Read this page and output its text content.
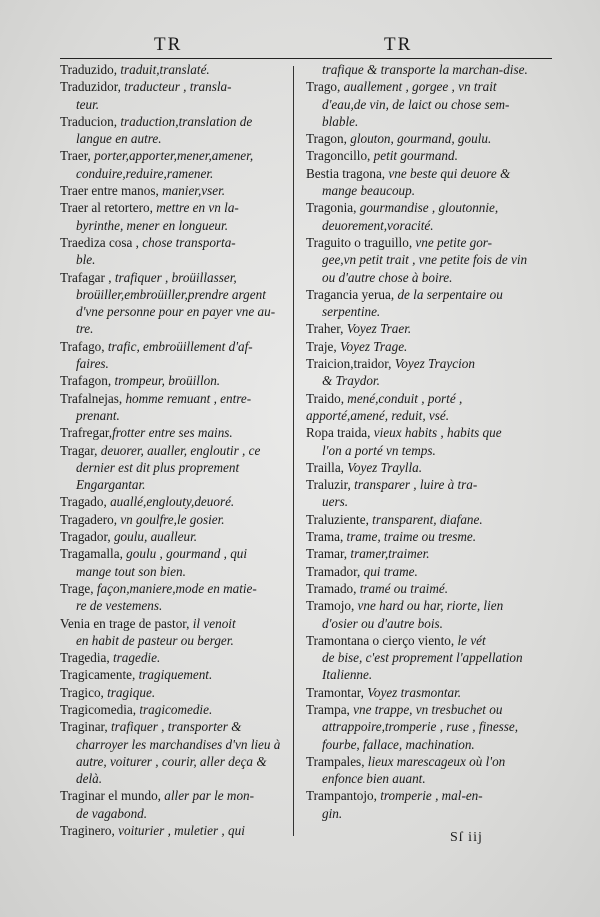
TR	TR

Traduzido, traduit,translaté.

Traduzidor, traducteur , transla-
teur.

Traducion, traduction,translation de
langue en autre.

Traer, porter,apporter,mener,amener,
conduire,reduire,ramener.

Traer entre manos, manier,vser.

Traer al retortero, mettre en vn la-
byrinthe, mener en longueur.

Traediza cosa , chose transporta-
ble.

Trafagar , trafiquer , broüillasser,
broüiller,embroüiller,prendre argent d'vne personne pour en payer vne au-tre.

Trafago, trafic, embroüillement d'af-
faires.

Trafagon, trompeur, broüillon.

Trafalnejas, homme remuant , entre-
prenant.

Trafregar,frotter entre ses mains.

Tragar, deuorer, aualler, engloutir , ce
dernier est dit plus proprement Engargantar.

Tragado, auallé,englouty,deuoré.

Tragadero, vn goulfre,le gosier.

Tragador, goulu, aualleur.

Tragamalla, goulu , gourmand , qui
mange tout son bien.

Trage, façon,maniere,mode en matie-
re de vestemens.

Venia en trage de pastor, il venoit
en habit de pasteur ou berger.

Tragedia, tragedie.

Tragicamente, tragiquement.

Tragico, tragique.

Tragicomedia, tragicomedie.

Traginar, trafiquer , transporter &
charroyer les marchandises d'vn lieu à autre, voiturer , courir, aller deça & delà.

Traginar el mundo, aller par le mon-
de vagabond.

Traginero, voiturier , muletier , qui

trafique & transporte la marchan-dise.

Trago, auallement , gorgee , vn trait
d'eau,de vin, de laict ou chose sem-blable.

Tragon, glouton, gourmand, goulu.

Tragoncillo, petit gourmand.

Bestia tragona, vne beste qui deuore &
mange beaucoup.

Tragonia, gourmandise , gloutonnie,
deuorement,voracité.

Traguito o traguillo, vne petite gor-
gee,vn petit trait , vne petite fois de vin ou d'autre chose à boire.

Tragancia yerua, de la serpentaire ou
serpentine.

Traher, Voyez Traer.

Traje, Voyez Trage.

Traicion,traidor, Voyez Traycion
& Traydor.

Traido, mené,conduit , porté , apporté,amené, reduit, vsé.

Ropa traida, vieux habits , habits que
l'on a porté vn temps.

Trailla, Voyez Traylla.

Traluzir, transparer , luire à tra-
uers.

Traluziente, transparent, diafane.

Trama, trame, traime ou tresme.

Tramar, tramer,traimer.

Tramador, qui trame.

Tramado, tramé ou traimé.

Tramojo, vne hard ou har, riorte, lien
d'osier ou d'autre bois.

Tramontana o cierço viento, le vét
de bise, c'est proprement l'appellation Italienne.

Tramontar, Voyez trasmontar.

Trampa, vne trappe, vn tresbuchet ou
attrappoire,tromperie , ruse , finesse, fourbe, fallace, machination.

Trampales, lieux marescageux où l'on
enfonce bien auant.

Trampantojo, tromperie , mal-en-
gin.

Sſ iij
